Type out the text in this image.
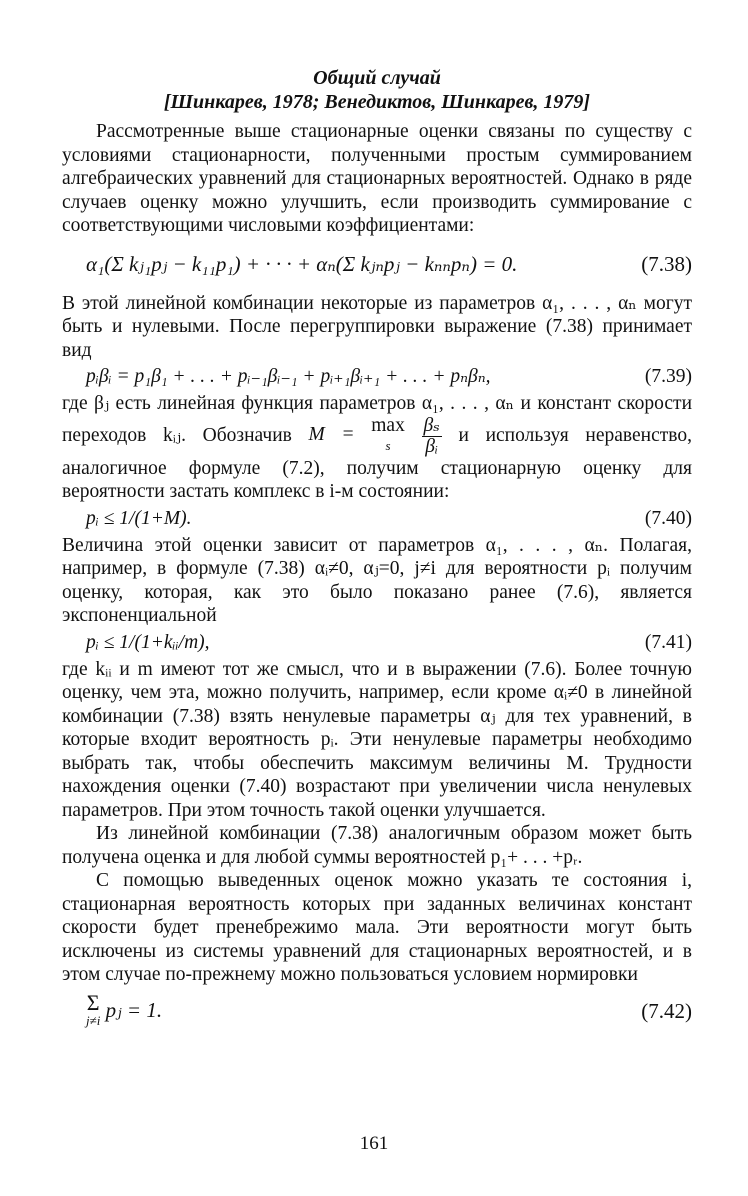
Общий случай
[Шинкарев, 1978; Венедиктов, Шинкарев, 1979]

Рассмотренные выше стационарные оценки связаны по существу с условиями стационарности, полученными простым суммированием алгебраических уравнений для стационарных вероятностей. Однако в ряде случаев оценку можно улучшить, если производить суммирование с соответствующими числовыми коэффициентами:

α₁(Σ kⱼ₁pⱼ − k₁₁p₁) + · · · + αₙ(Σ kⱼₙpⱼ − kₙₙpₙ) = 0.	(7.38)

В этой линейной комбинации некоторые из параметров α₁, . . . , αₙ могут быть и нулевыми. После перегруппировки выражение (7.38) принимает вид

pᵢβᵢ = p₁β₁ + . . . + pᵢ₋₁βᵢ₋₁ + pᵢ₊₁βᵢ₊₁ + . . . + pₙβₙ,	(7.39)

где βⱼ есть линейная функция параметров α₁, . . . , αₙ и констант скорости переходов kᵢⱼ. Обозначив M = max
s
	$\frac{\text{βₛ}}{\text{βᵢ}}$ и используя неравенство, аналогичное формуле (7.2), получим стационарную оценку для вероятности застать комплекс в i-м состоянии:

pᵢ ≤ 1/(1+M).	(7.40)

Величина этой оценки зависит от параметров α₁, . . . , αₙ. Полагая, например, в формуле (7.38) αᵢ≠0, αⱼ=0, j≠i для вероятности pᵢ получим оценку, которая, как это было показано ранее (7.6), является экспоненциальной

pᵢ ≤ 1/(1+kᵢᵢ/m),	(7.41)

где kᵢᵢ и m имеют тот же смысл, что и в выражении (7.6). Более точную оценку, чем эта, можно получить, например, если кроме αᵢ≠0 в линейной комбинации (7.38) взять ненулевые параметры αⱼ для тех уравнений, в которые входит вероятность pᵢ. Эти ненулевые параметры необходимо выбрать так, чтобы обеспечить максимум величины M. Трудности нахождения оценки (7.40) возрастают при увеличении числа ненулевых параметров. При этом точность такой оценки улучшается.

Из линейной комбинации (7.38) аналогичным образом может быть получена оценка и для любой суммы вероятностей p₁+ . . . +pᵣ.

С помощью выведенных оценок можно указать те состояния i, стационарная вероятность которых при заданных величинах констант скорости будет пренебрежимо мала. Эти вероятности могут быть исключены из системы уравнений для стационарных вероятностей, и в этом случае по-прежнему можно пользоваться условием нормировки

Σ
j≠i pⱼ = 1.	(7.42)
161
